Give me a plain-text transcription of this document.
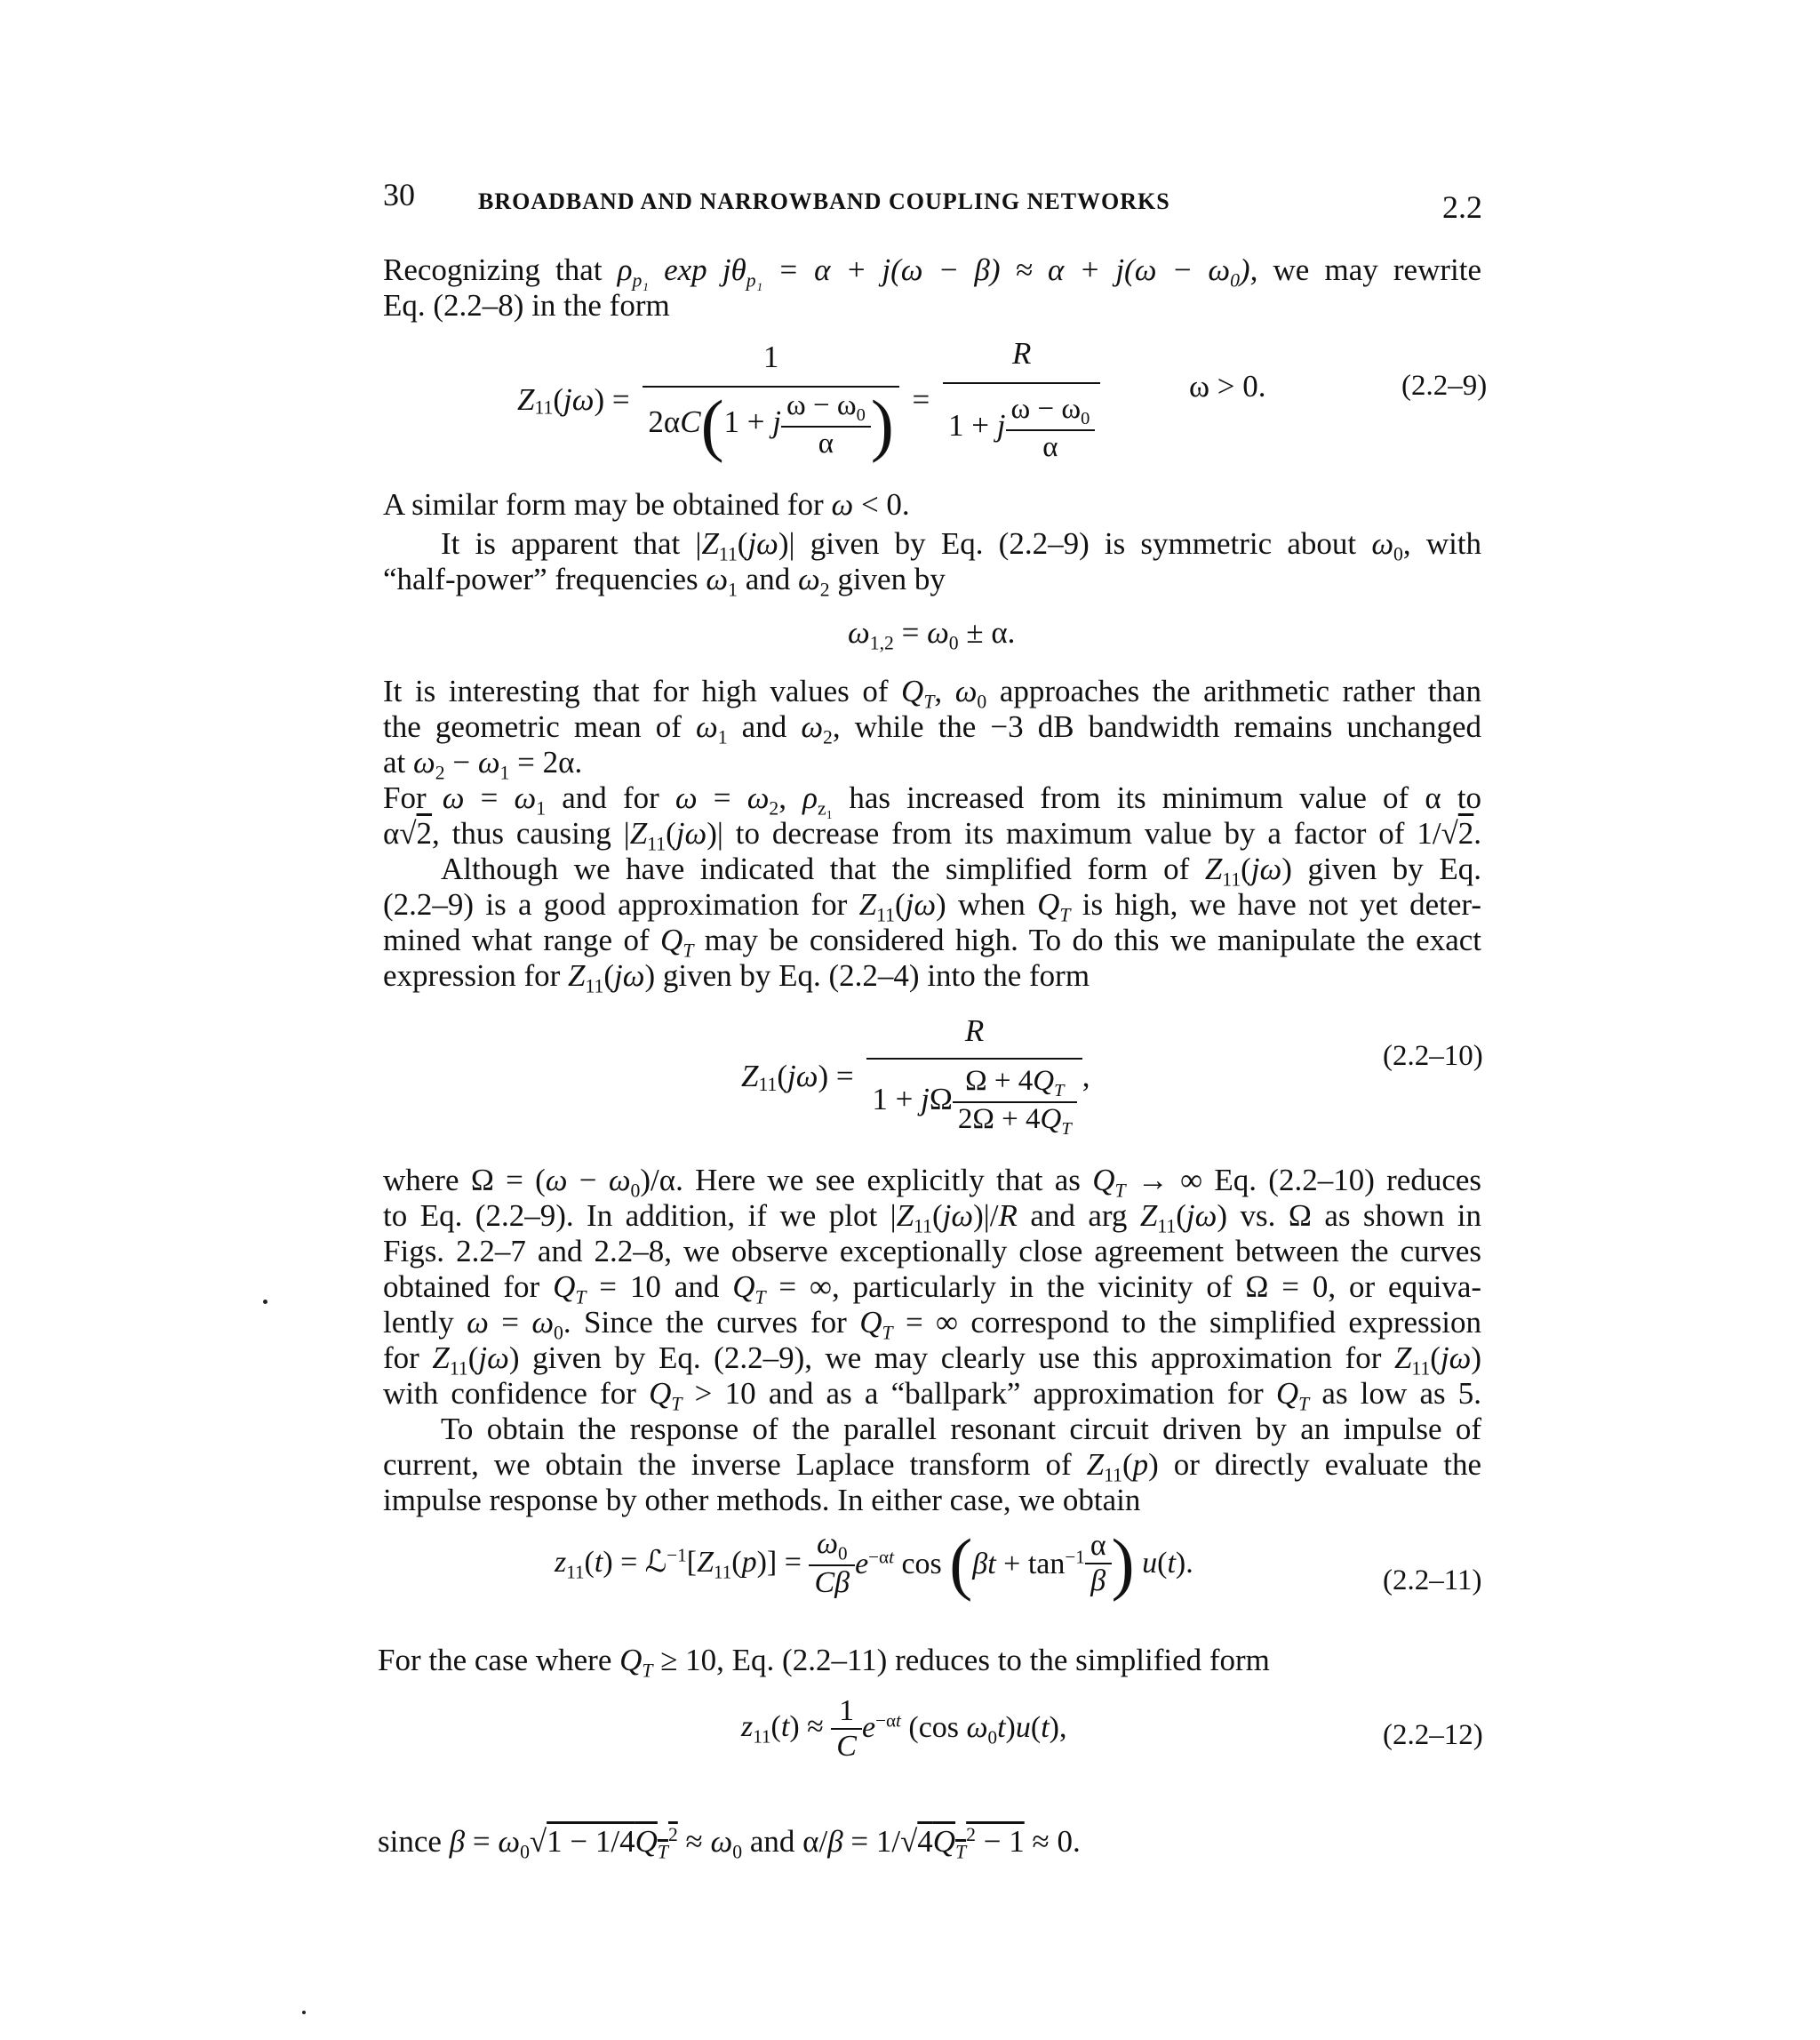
30	BROADBAND AND NARROWBAND COUPLING NETWORKS	2.2
Recognizing that $\rho_{p_1}$ $\exp j\theta_{p_1} = \alpha + j(\omega - \beta) \approx \alpha + j(\omega - \omega_0)$, we may rewrite
Eq. (2.2–8) in the form
$Z_{11}(j\omega) = \frac{1}{2\alpha C(1 + j \frac{\omega - \omega_0}{\alpha} )} = \frac{R}{1 + j \frac{\omega - \omega_0}{\alpha}}$	ω > 0.	(2.2–9)
A similar form may be obtained for ω < 0.
It is apparent that $|Z_{11}(j\omega)|$ given by Eq. (2.2–9) is symmetric about $\omega_0$, with
“half-power” frequencies $\omega_1$ and $\omega_2$ given by
$\omega_{1,2} = \omega_0 \pm \alpha$.
It is interesting that for high values of $Q_T$, $\omega_0$ approaches the arithmetic rather than
the geometric mean of $\omega_1$ and $\omega_2$, while the −3 dB bandwidth remains unchanged
at $\omega_2 - \omega_1 = 2\alpha$.
For $\omega = \omega_1$ and for $\omega = \omega_2$, $\rho_{z_1}$ has increased from its minimum value of α to
α√2, thus causing $|Z_{11}(j\omega)|$ to decrease from its maximum value by a factor of 1/√2.
Although we have indicated that the simplified form of $Z_{11}(j\omega)$ given by Eq.
(2.2–9) is a good approximation for $Z_{11}(j\omega)$ when $Q_T$ is high, we have not yet deter-
mined what range of $Q_T$ may be considered high. To do this we manipulate the exact
expression for $Z_{11}(j\omega)$ given by Eq. (2.2–4) into the form
$Z_{11}(j\omega) = \frac{R}{1 + j\Omega \frac{\Omega + 4Q_T}{2\Omega + 4Q_T}}$ ,
(2.2–10)
where $\Omega = (\omega - \omega_0)/\alpha$. Here we see explicitly that as $Q_T$ → ∞ Eq. (2.2–10) reduces
to Eq. (2.2–9). In addition, if we plot $|Z_{11}(j\omega)|/R$ and arg $Z_{11}(j\omega)$ vs. Ω as shown in
Figs. 2.2–7 and 2.2–8, we observe exceptionally close agreement between the curves
obtained for $Q_T = 10$ and $Q_T$ = ∞, particularly in the vicinity of Ω = 0, or equiva-
lently $\omega = \omega_0$. Since the curves for $Q_T$ = ∞ correspond to the simplified expression
for $Z_{11}(j\omega)$ given by Eq. (2.2–9), we may clearly use this approximation for $Z_{11}(j\omega)$
with confidence for $Q_T > 10$ and as a “ballpark” approximation for $Q_T$ as low as 5.
To obtain the response of the parallel resonant circuit driven by an impulse of
current, we obtain the inverse Laplace transform of $Z_{11}(p)$ or directly evaluate the
impulse response by other methods. In either case, we obtain
$z_{11}(t)$ = $ℒ^{-1}[Z_{11}(p)] = \frac{\omega_0}{C\beta} e^{-\alpha t}$ $\cos (\beta t + \tan^{-1} \frac{\alpha}{\beta}$ ) u(t).
(2.2–11)
For the case where $Q_T \ge 10$, Eq. (2.2–11) reduces to the simplified form
$z_{11}(t) \approx \frac{1}{C} e^{-\alpha t}$ (cos $\omega_0t)u(t)$,	(2.2–12)
since $\beta = \omega_0√1 - 1/4Q_T^2 \approx \omega_0$ and $\alpha/\beta = 1/√4Q_T^2 - 1 \approx 0$.
